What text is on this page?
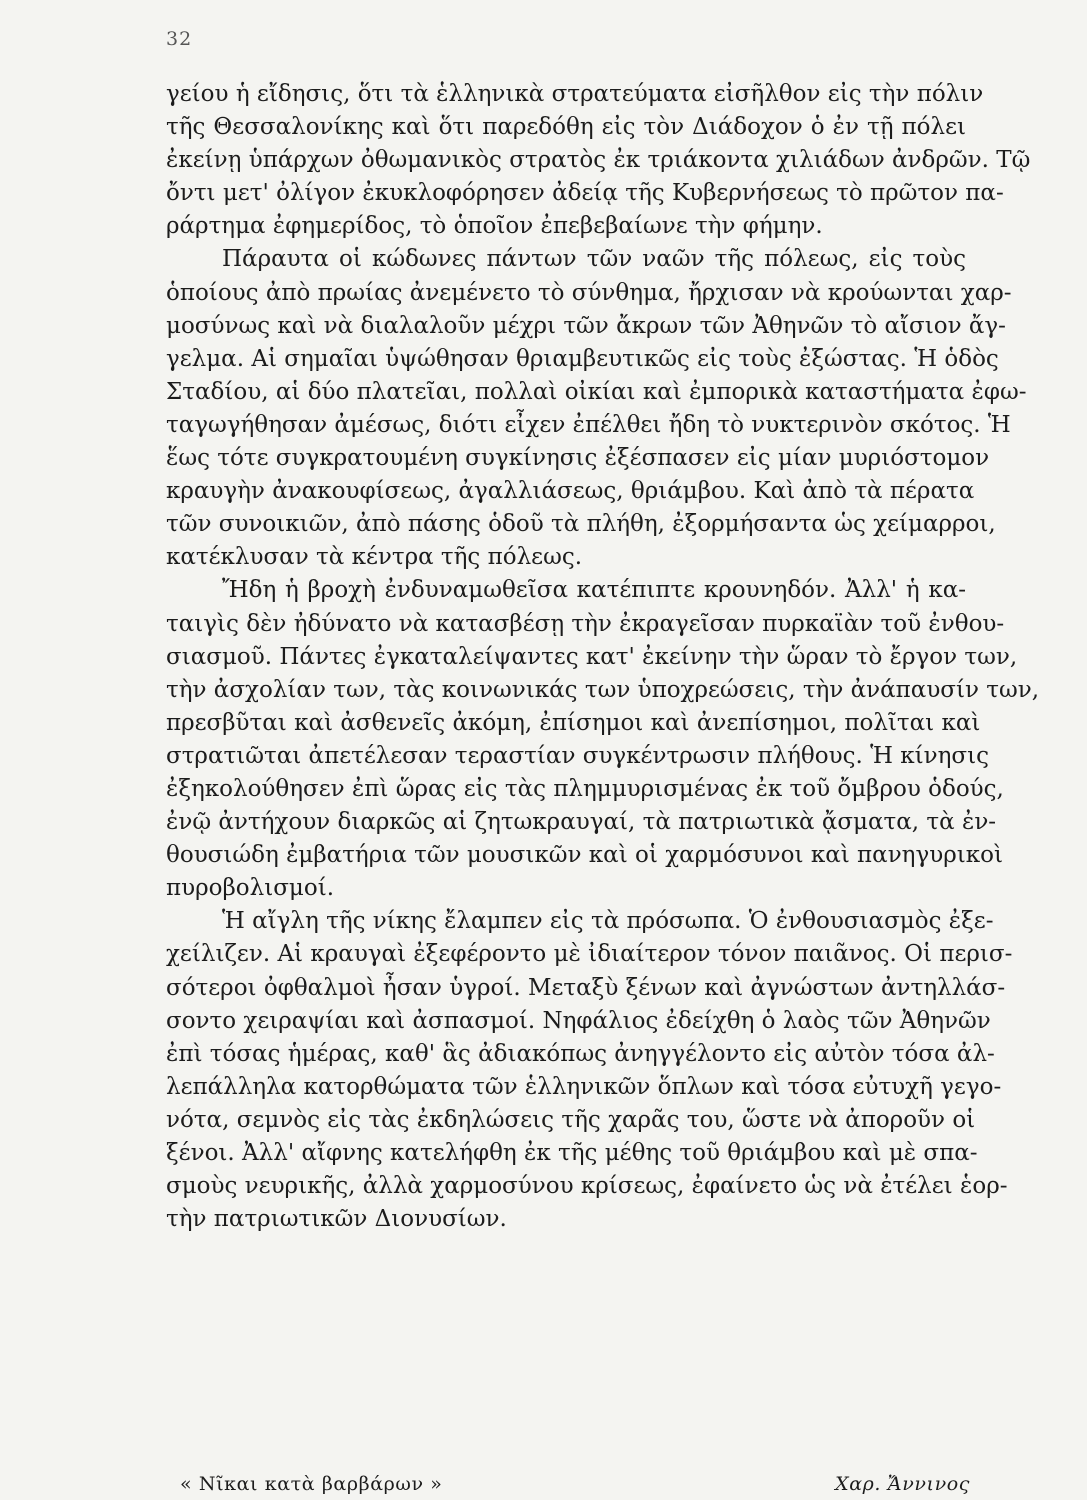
32
γείου ἡ εἴδησις, ὅτι τὰ ἑλληνικὰ στρατεύματα εἰσῆλθον εἰς τὴν πόλιν
τῆς Θεσσαλονίκης καὶ ὅτι παρεδόθη εἰς τὸν Διάδοχον ὁ ἐν τῇ πόλει
ἐκείνῃ ὑπάρχων ὀθωμανικὸς στρατὸς ἐκ τριάκοντα χιλιάδων ἀνδρῶν. Τῷ
ὄντι μετ' ὀλίγον ἐκυκλοφόρησεν ἀδείᾳ τῆς Κυβερνήσεως τὸ πρῶτον πα-
ράρτημα ἐφημερίδος, τὸ ὁποῖον ἐπεβεβαίωνε τὴν φήμην.
Πάραυτα οἱ κώδωνες πάντων τῶν ναῶν τῆς πόλεως, εἰς τοὺς
ὁποίους ἀπὸ πρωίας ἀνεμένετο τὸ σύνθημα, ἤρχισαν νὰ κρούωνται χαρ-
μοσύνως καὶ νὰ διαλαλοῦν μέχρι τῶν ἄκρων τῶν Ἀθηνῶν τὸ αἴσιον ἄγ-
γελμα. Αἱ σημαῖαι ὑψώθησαν θριαμβευτικῶς εἰς τοὺς ἐξώστας. Ἡ ὁδὸς
Σταδίου, αἱ δύο πλατεῖαι, πολλαὶ οἰκίαι καὶ ἐμπορικὰ καταστήματα ἐφω-
ταγωγήθησαν ἀμέσως, διότι εἶχεν ἐπέλθει ἤδη τὸ νυκτερινὸν σκότος. Ἡ
ἕως τότε συγκρατουμένη συγκίνησις ἐξέσπασεν εἰς μίαν μυριόστομον
κραυγὴν ἀνακουφίσεως, ἀγαλλιάσεως, θριάμβου. Καὶ ἀπὸ τὰ πέρατα
τῶν συνοικιῶν, ἀπὸ πάσης ὁδοῦ τὰ πλήθη, ἐξορμήσαντα ὡς χείμαρροι,
κατέκλυσαν τὰ κέντρα τῆς πόλεως.
Ἤδη ἡ βροχὴ ἐνδυναμωθεῖσα κατέπιπτε κρουνηδόν. Ἀλλ' ἡ κα-
ταιγὶς δὲν ἠδύνατο νὰ κατασβέσῃ τὴν ἐκραγεῖσαν πυρκαϊὰν τοῦ ἐνθου-
σιασμοῦ. Πάντες ἐγκαταλείψαντες κατ' ἐκείνην τὴν ὥραν τὸ ἔργον των,
τὴν ἀσχολίαν των, τὰς κοινωνικάς των ὑποχρεώσεις, τὴν ἀνάπαυσίν των,
πρεσβῦται καὶ ἀσθενεῖς ἀκόμη, ἐπίσημοι καὶ ἀνεπίσημοι, πολῖται καὶ
στρατιῶται ἀπετέλεσαν τεραστίαν συγκέντρωσιν πλήθους. Ἡ κίνησις
ἐξηκολούθησεν ἐπὶ ὥρας εἰς τὰς πλημμυρισμένας ἐκ τοῦ ὄμβρου ὁδούς,
ἐνῷ ἀντήχουν διαρκῶς αἱ ζητωκραυγαί, τὰ πατριωτικὰ ᾄσματα, τὰ ἐν-
θουσιώδη ἐμβατήρια τῶν μουσικῶν καὶ οἱ χαρμόσυνοι καὶ πανηγυρικοὶ
πυροβολισμοί.
Ἡ αἴγλη τῆς νίκης ἔλαμπεν εἰς τὰ πρόσωπα. Ὁ ἐνθουσιασμὸς ἐξε-
χείλιζεν. Αἱ κραυγαὶ ἐξεφέροντο μὲ ἰδιαίτερον τόνον παιᾶνος. Οἱ περισ-
σότεροι ὀφθαλμοὶ ἦσαν ὑγροί. Μεταξὺ ξένων καὶ ἀγνώστων ἀντηλλάσ-
σοντο χειραψίαι καὶ ἀσπασμοί. Νηφάλιος ἐδείχθη ὁ λαὸς τῶν Ἀθηνῶν
ἐπὶ τόσας ἡμέρας, καθ' ἃς ἀδιακόπως ἀνηγγέλοντο εἰς αὐτὸν τόσα ἀλ-
λεπάλληλα κατορθώματα τῶν ἑλληνικῶν ὅπλων καὶ τόσα εὐτυχῆ γεγο-
νότα, σεμνὸς εἰς τὰς ἐκδηλώσεις τῆς χαρᾶς του, ὥστε νὰ ἀποροῦν οἱ
ξένοι. Ἀλλ' αἴφνης κατελήφθη ἐκ τῆς μέθης τοῦ θριάμβου καὶ μὲ σπα-
σμοὺς νευρικῆς, ἀλλὰ χαρμοσύνου κρίσεως, ἐφαίνετο ὡς νὰ ἐτέλει ἑορ-
τὴν πατριωτικῶν Διονυσίων.
« Νῖκαι κατὰ βαρβάρων »	Χαρ. Ἄννινος
